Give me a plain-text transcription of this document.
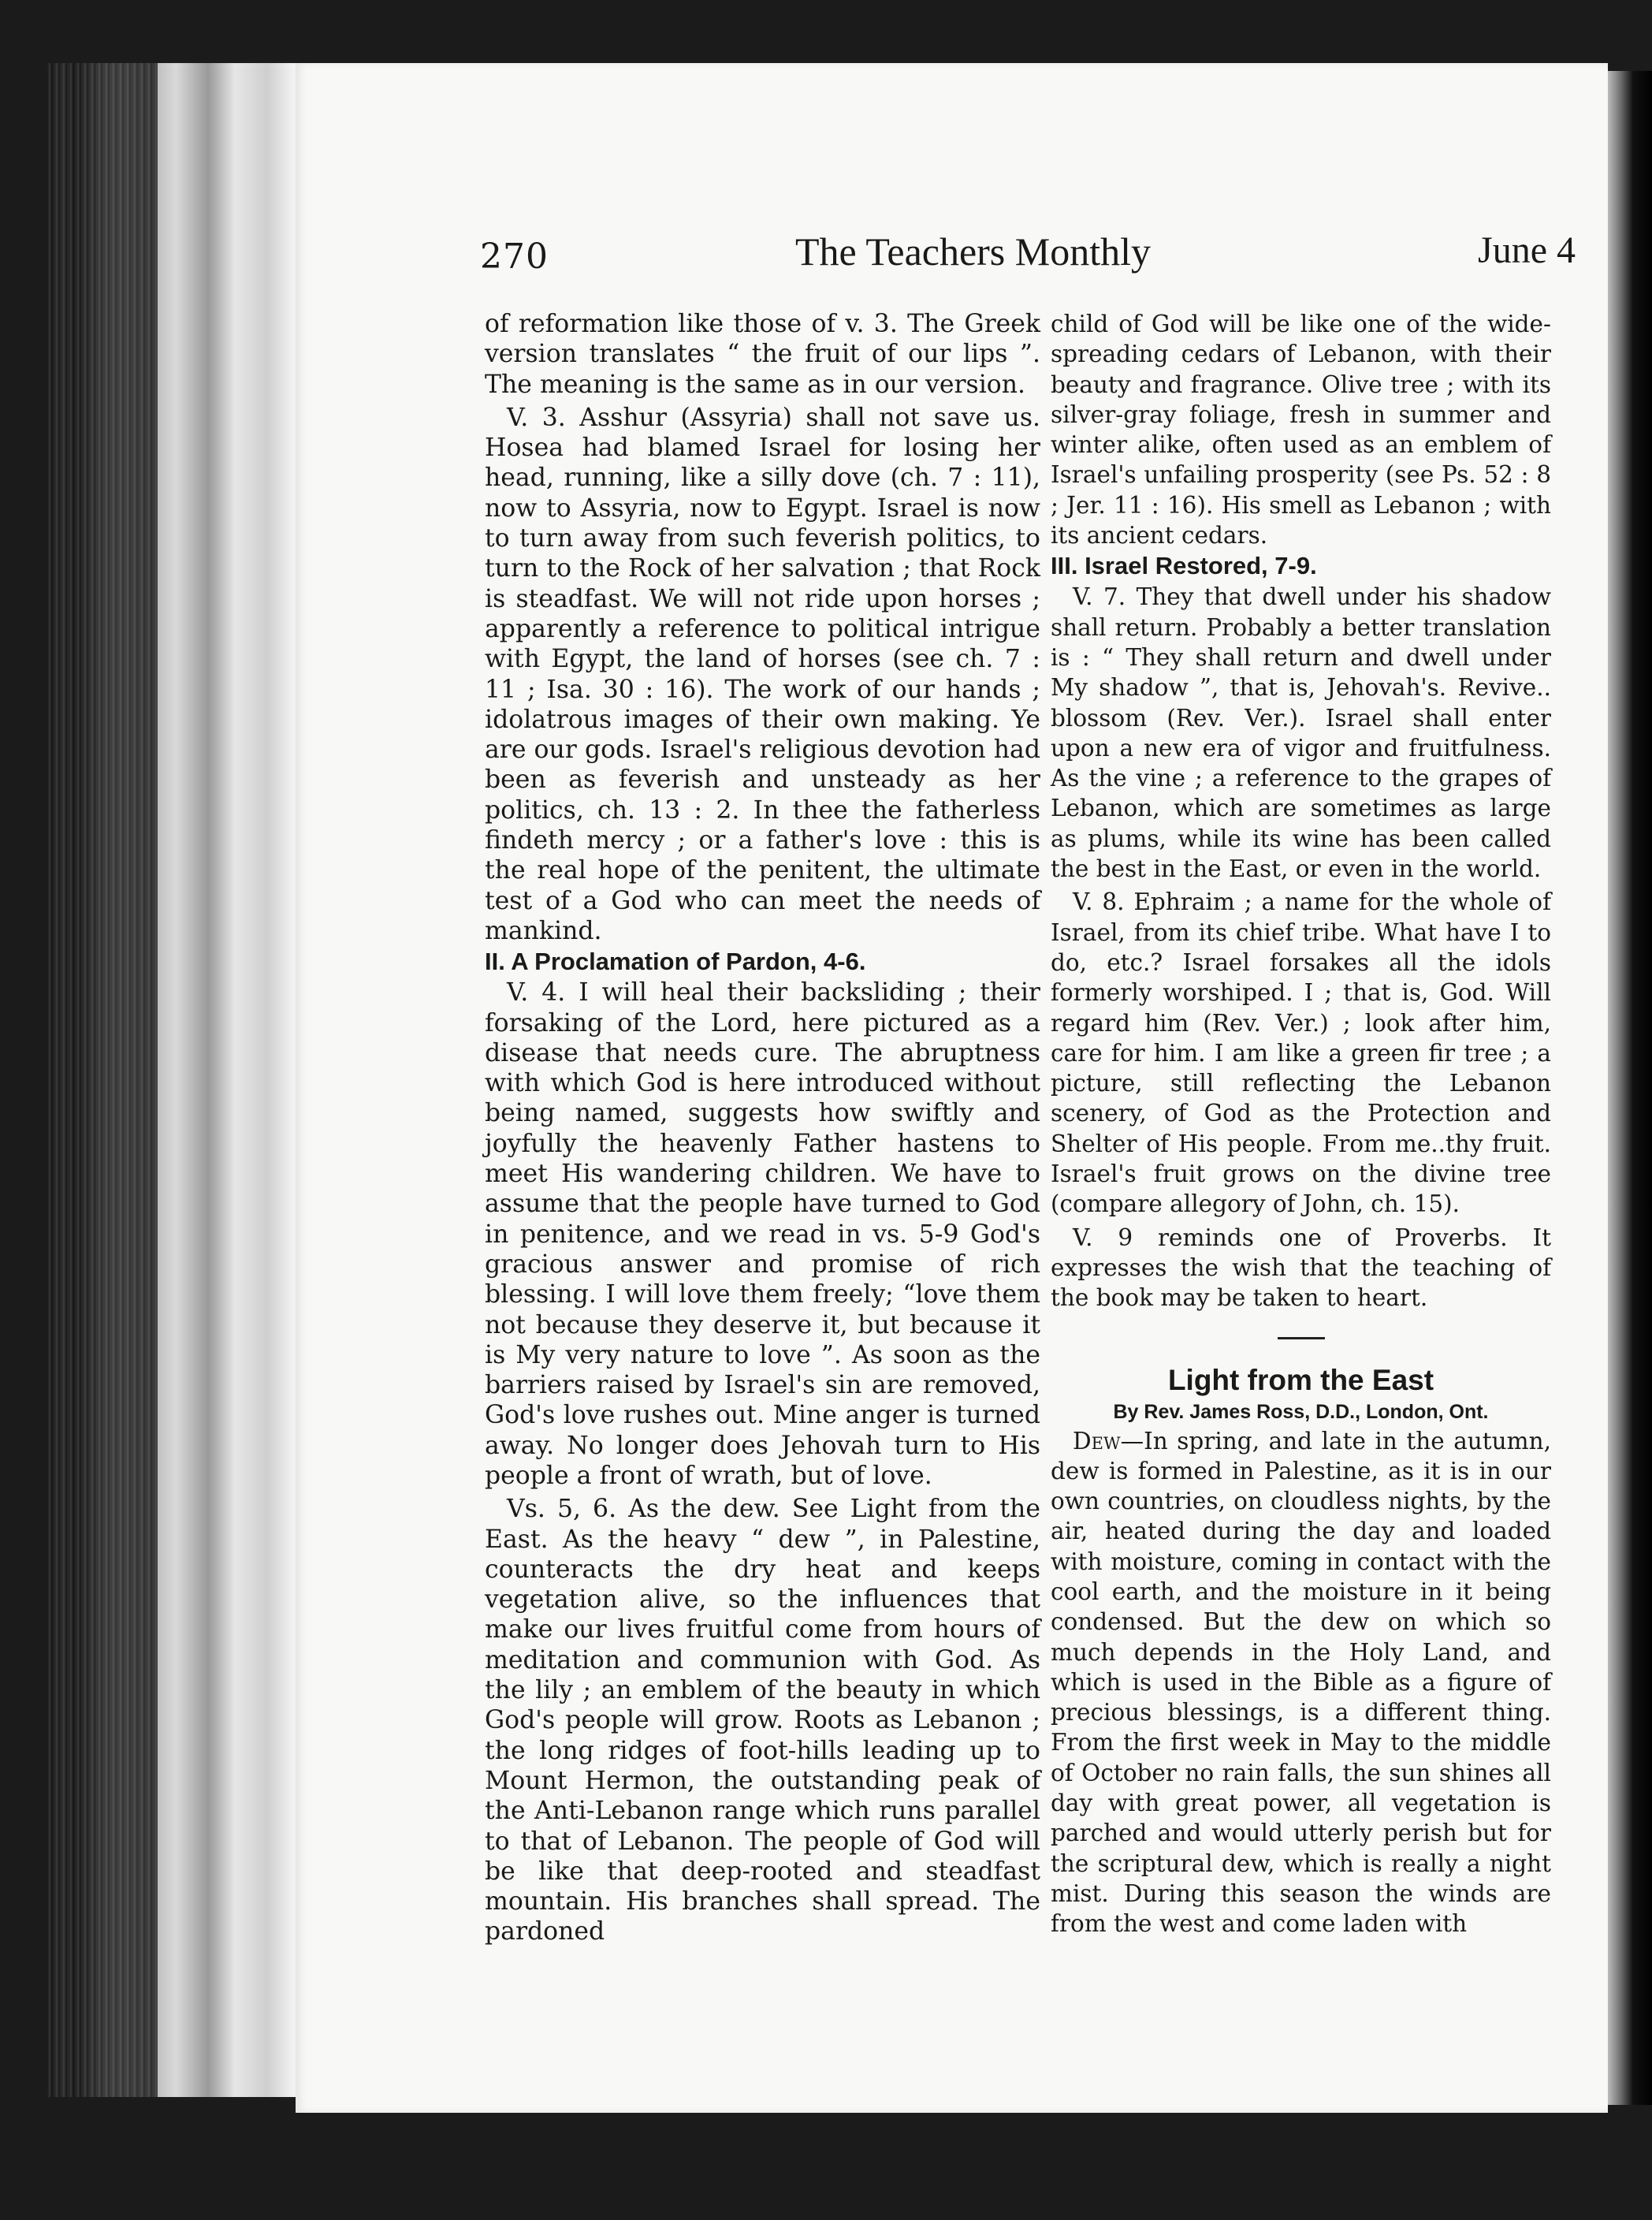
270	The Teachers Monthly	June 4

of reformation like those of v. 3. The Greek version translates “ the fruit of our lips ”. The meaning is the same as in our version.

V. 3. Asshur (Assyria) shall not save us. Hosea had blamed Israel for losing her head, running, like a silly dove (ch. 7 : 11), now to Assyria, now to Egypt. Israel is now to turn away from such feverish politics, to turn to the Rock of her salvation ; that Rock is steadfast. We will not ride upon horses ; apparently a reference to political intrigue with Egypt, the land of horses (see ch. 7 : 11 ; Isa. 30 : 16). The work of our hands ; idolatrous images of their own making. Ye are our gods. Israel's religious devotion had been as feverish and unsteady as her politics, ch. 13 : 2. In thee the fatherless findeth mercy ; or a father's love : this is the real hope of the penitent, the ultimate test of a God who can meet the needs of mankind.

II. A Proclamation of Pardon, 4-6.

V. 4. I will heal their backsliding ; their forsaking of the Lord, here pictured as a disease that needs cure. The abruptness with which God is here introduced without being named, suggests how swiftly and joyfully the heavenly Father hastens to meet His wandering children. We have to assume that the people have turned to God in penitence, and we read in vs. 5-9 God's gracious answer and promise of rich blessing. I will love them freely; “love them not because they deserve it, but because it is My very nature to love ”. As soon as the barriers raised by Israel's sin are removed, God's love rushes out. Mine anger is turned away. No longer does Jehovah turn to His people a front of wrath, but of love.

Vs. 5, 6. As the dew. See Light from the East. As the heavy “ dew ”, in Palestine, counteracts the dry heat and keeps vegetation alive, so the influences that make our lives fruitful come from hours of meditation and communion with God. As the lily ; an emblem of the beauty in which God's people will grow. Roots as Lebanon ; the long ridges of foot-hills leading up to Mount Hermon, the outstanding peak of the Anti-Lebanon range which runs parallel to that of Lebanon. The people of God will be like that deep-rooted and steadfast mountain. His branches shall spread. The pardoned

child of God will be like one of the wide-spreading cedars of Lebanon, with their beauty and fragrance. Olive tree ; with its silver-gray foliage, fresh in summer and winter alike, often used as an emblem of Israel's unfailing prosperity (see Ps. 52 : 8 ; Jer. 11 : 16). His smell as Lebanon ; with its ancient cedars.

III. Israel Restored, 7-9.

V. 7. They that dwell under his shadow shall return. Probably a better translation is : “ They shall return and dwell under My shadow ”, that is, Jehovah's. Revive.. blossom (Rev. Ver.). Israel shall enter upon a new era of vigor and fruitfulness. As the vine ; a reference to the grapes of Lebanon, which are sometimes as large as plums, while its wine has been called the best in the East, or even in the world.

V. 8. Ephraim ; a name for the whole of Israel, from its chief tribe. What have I to do, etc.? Israel forsakes all the idols formerly worshiped. I ; that is, God. Will regard him (Rev. Ver.) ; look after him, care for him. I am like a green fir tree ; a picture, still reflecting the Lebanon scenery, of God as the Protection and Shelter of His people. From me..thy fruit. Israel's fruit grows on the divine tree (compare allegory of John, ch. 15).

V. 9 reminds one of Proverbs. It expresses the wish that the teaching of the book may be taken to heart.

Light from the East

By Rev. James Ross, D.D., London, Ont.

Dew—In spring, and late in the autumn, dew is formed in Palestine, as it is in our own countries, on cloudless nights, by the air, heated during the day and loaded with moisture, coming in contact with the cool earth, and the moisture in it being condensed. But the dew on which so much depends in the Holy Land, and which is used in the Bible as a figure of precious blessings, is a different thing. From the first week in May to the middle of October no rain falls, the sun shines all day with great power, all vegetation is parched and would utterly perish but for the scriptural dew, which is really a night mist. During this season the winds are from the west and come laden with
